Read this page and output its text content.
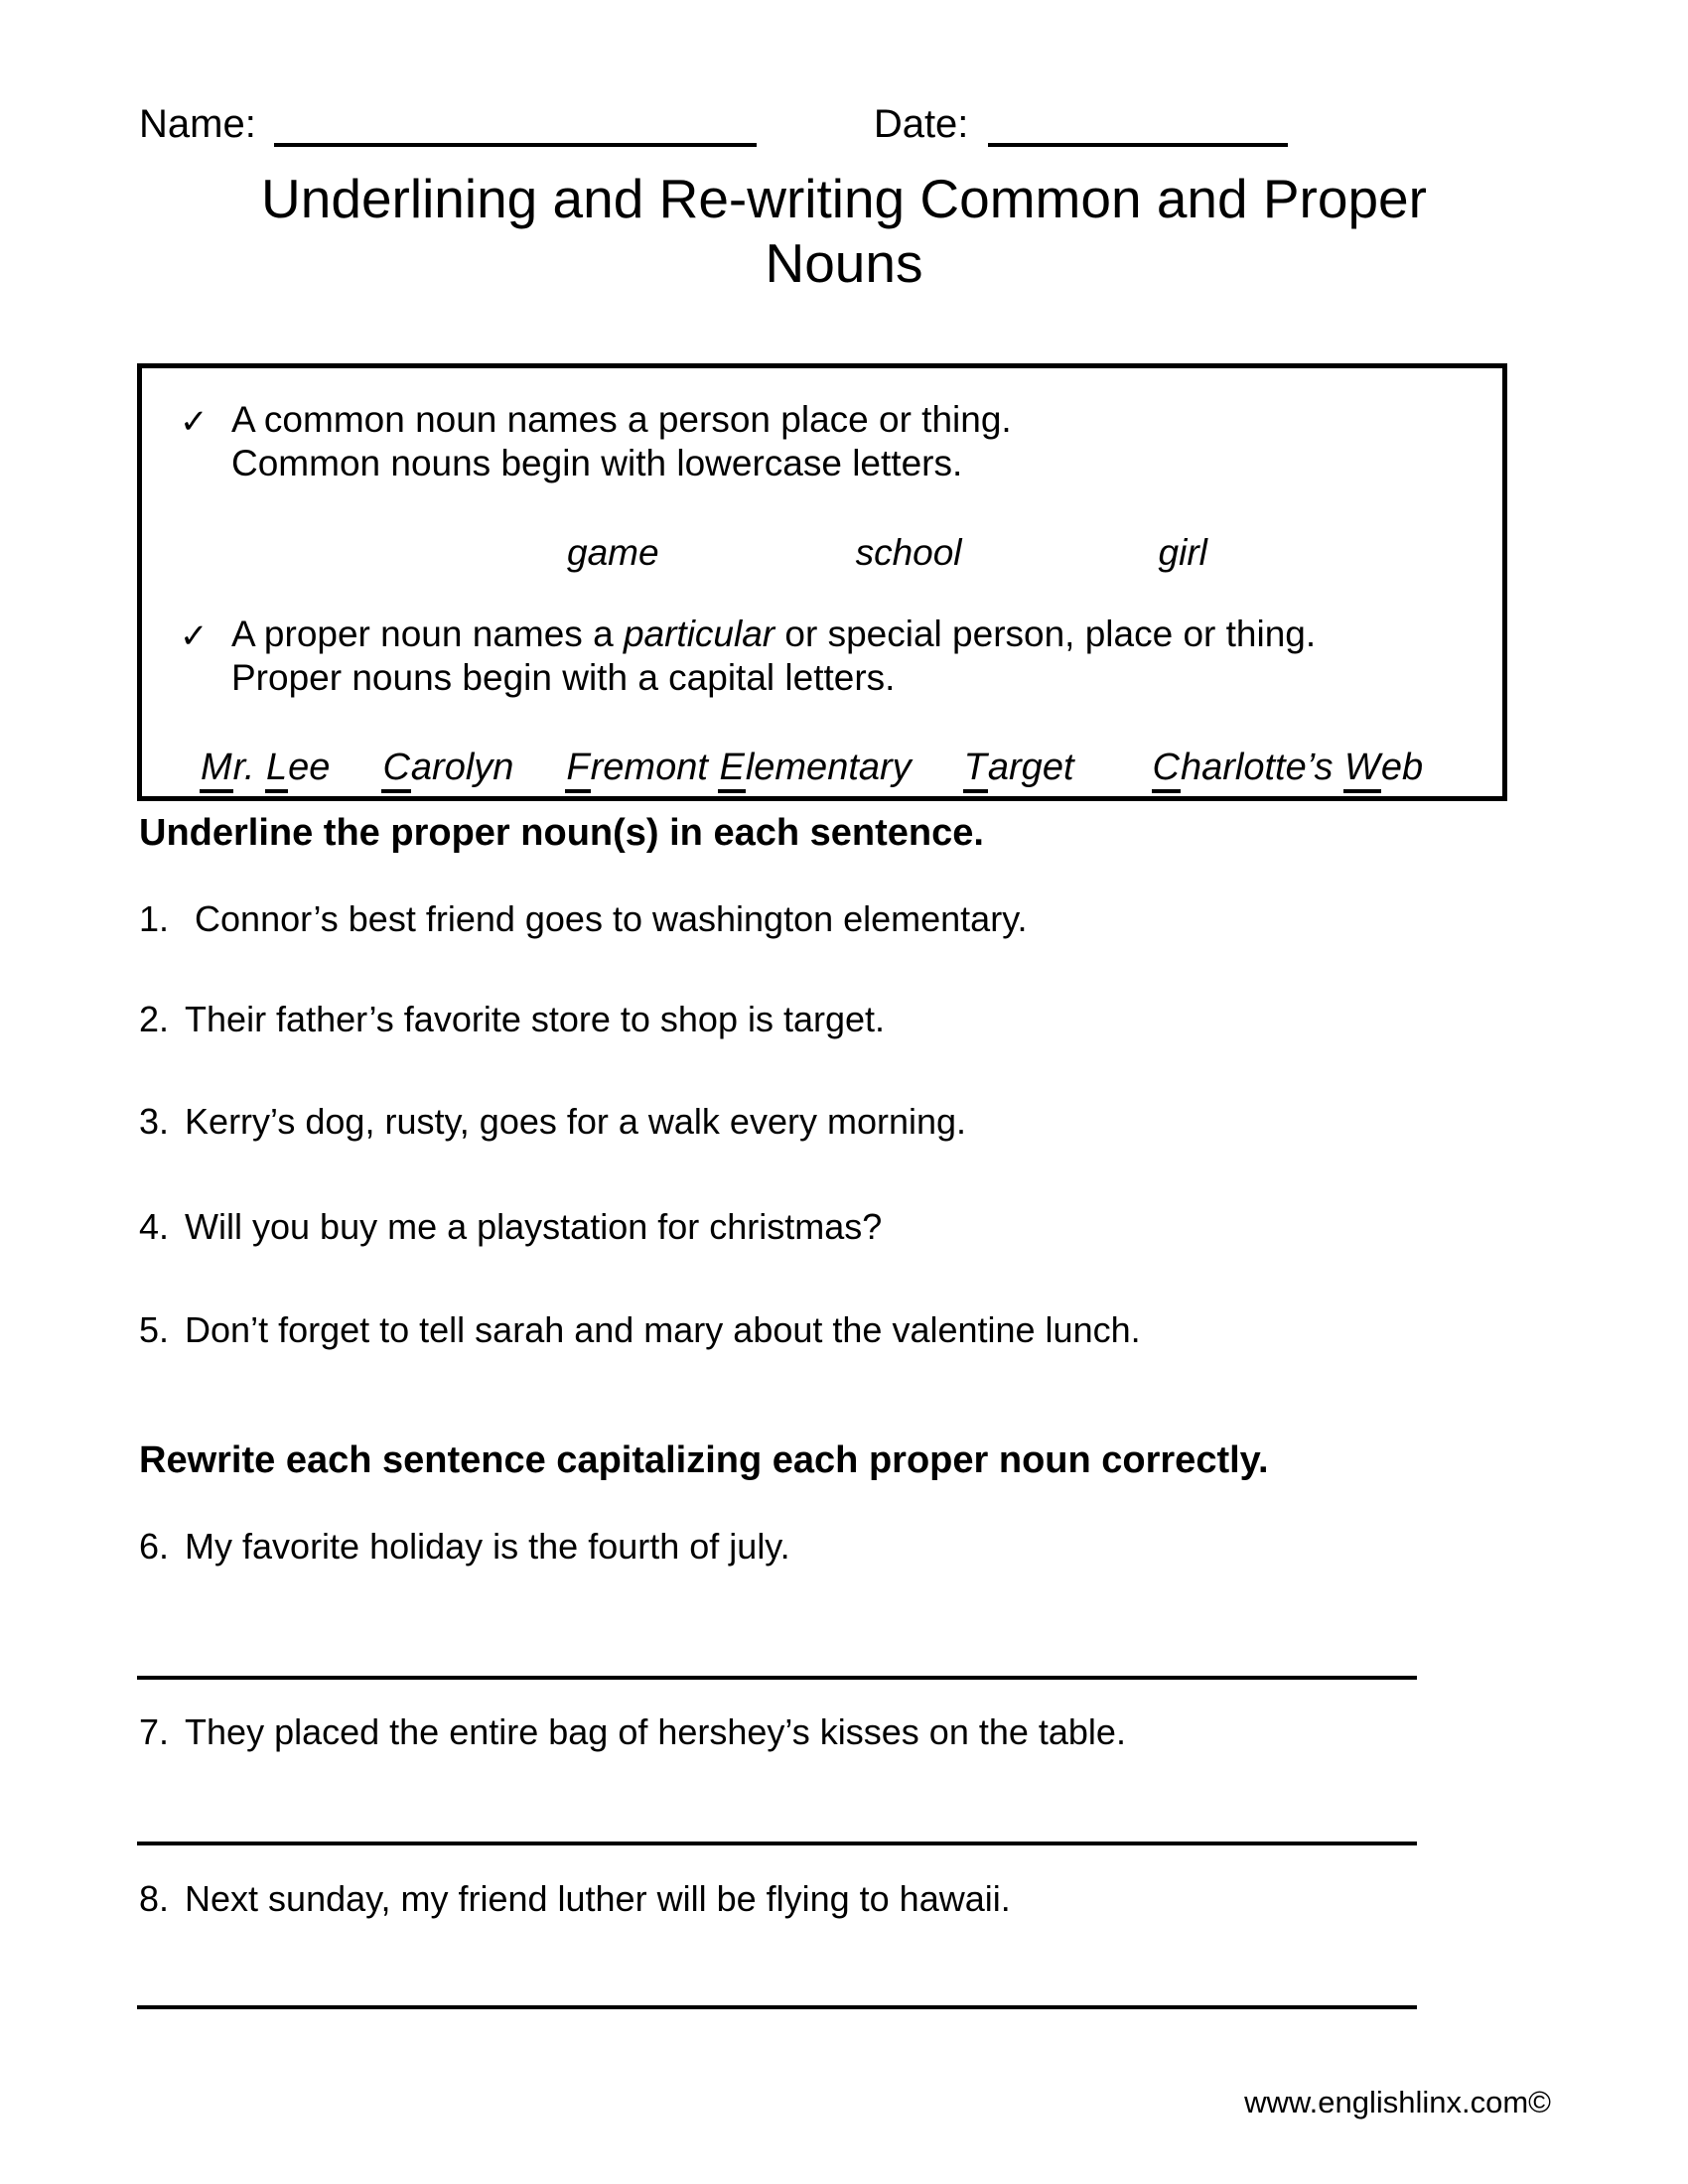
Name:	Date:
Underlining and Re-writing Common and Proper Nouns
✓ A common noun names a person place or thing.
Common nouns begin with lowercase letters.
game	school	girl
✓ A proper noun names a particular or special person, place or thing.
Proper nouns begin with a capital letters.
Mr. Lee Carolyn Fremont Elementary Target Charlotte’s Web
Underline the proper noun(s) in each sentence.
1. Connor’s best friend goes to washington elementary.
2. Their father’s favorite store to shop is target.
3. Kerry’s dog, rusty, goes for a walk every morning.
4. Will you buy me a playstation for christmas?
5. Don’t forget to tell sarah and mary about the valentine lunch.
Rewrite each sentence capitalizing each proper noun correctly.
6. My favorite holiday is the fourth of july.
7. They placed the entire bag of hershey’s kisses on the table.
8. Next sunday, my friend luther will be flying to hawaii.
www.englishlinx.com©
